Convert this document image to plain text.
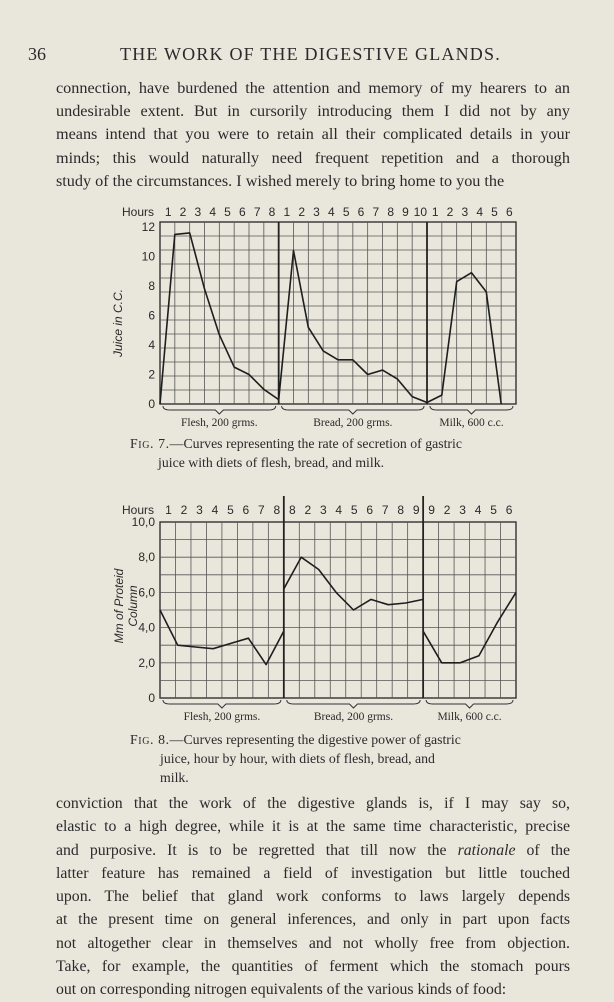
36	THE WORK OF THE DIGESTIVE GLANDS.
connection, have burdened the attention and memory of my hearers to an
undesirable extent. But in cursorily introducing them I did not by any
means intend that you were to retain all their complicated details in your
minds; this would naturally need frequent repetition and a thorough
study of the circumstances. I wished merely to bring home to you the
Hours 1 2 3 4 5 6 7 8
Flesh, 200 grms.
1 2 3 4 5 6 7 8 9 10
Bread, 200 grms.
1 2 3 4 5 6
Milk, 600 c.c.
0
2
4
6
8
10
12
Juice in C.C.
Fig. 7.—Curves representing the rate of secretion of gastric
juice with diets of flesh, bread, and milk.
Hours 1 2 3 4 5 6 7 8
Flesh, 200 grms.
8 2 3 4 5 6 7 8 9
Bread, 200 grms.
9 2 3 4 5 6
Milk, 600 c.c.
0
2,0
4,0
6,0
8,0
10,0
Mm of Proteid Column
Fig. 8.—Curves representing the digestive power of gastric
juice, hour by hour, with diets of flesh, bread, and
milk.
conviction that the work of the digestive glands is, if I may say so,
elastic to a high degree, while it is at the same time characteristic, precise
and purposive. It is to be regretted that till now the rationale of the
latter feature has remained a field of investigation but little touched
upon. The belief that gland work conforms to laws largely depends
at the present time on general inferences, and only in part upon facts
not altogether clear in themselves and not wholly free from objection.
Take, for example, the quantities of ferment which the stomach pours
out on corresponding nitrogen equivalents of the various kinds of food:
